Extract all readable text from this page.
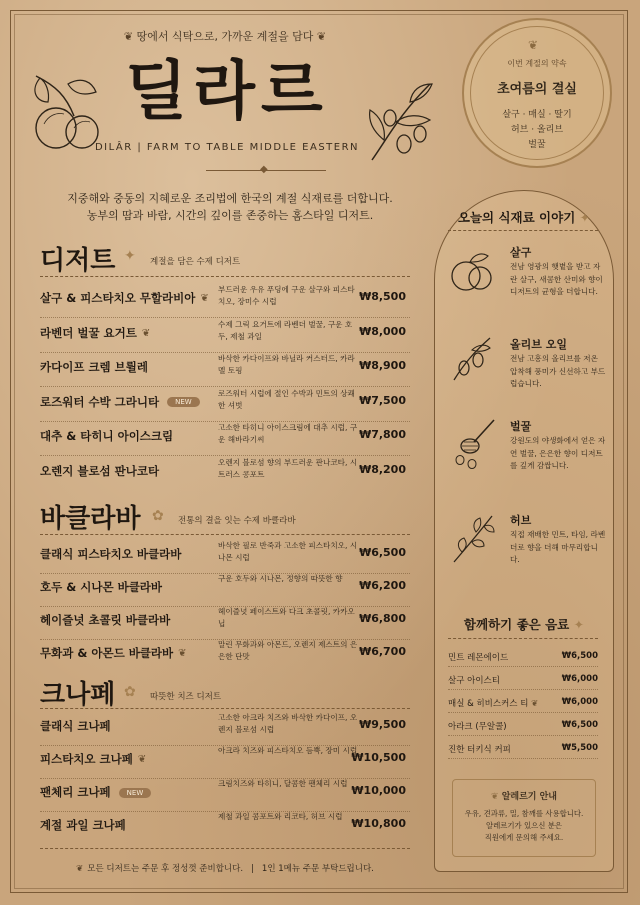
❦ 땅에서 식탁으로, 가까운 계절을 담다 ❦
딜라르
DILÂR | FARM TO TABLE MIDDLE EASTERN
◆
지중해와 중동의 지혜로운 조리법에 한국의 계절 식재료를 더합니다.
농부의 땀과 바람, 시간의 깊이를 존중하는 홈스타일 디저트.
❦
이번 계절의 약속
초여름의 결실
살구 · 매실 · 딸기
허브 · 올리브
벌꿀
디저트 ✦ 계절을 담은 수제 디저트
살구 & 피스타치오 무할라비아 ❦
부드러운 우유 푸딩에 구운 살구와 피스타치오, 장미수 시럽	₩8,500
라벤더 벌꿀 요거트 ❦
수제 그릭 요거트에 라벤더 벌꿀, 구운 호두, 제철 과일	₩8,000
카다이프 크렘 브륄레
바삭한 카다이프와 바닐라 커스터드, 카라멜 토핑	₩8,900
로즈워터 수박 그라니타 NEW
로즈워터 시럽에 절인 수박과 민트의 상쾌한 셔벗	₩7,500
대추 & 타히니 아이스크림
고소한 타히니 아이스크림에 대추 시럽, 구운 해바라기씨	₩7,800
오렌지 블로섬 판나코타
오렌지 블로섬 향의 부드러운 판나코타, 시트러스 콩포트	₩8,200
바클라바 ✿ 전통의 결을 잇는 수제 바클라바
클래식 피스타치오 바클라바
바삭한 필로 반죽과 고소한 피스타치오, 시나몬 시럽	₩6,500
호두 & 시나몬 바클라바
구운 호두와 시나몬, 정향의 따뜻한 향
₩6,200
헤이즐넛 초콜릿 바클라바
헤이즐넛 페이스트와 다크 초콜릿, 카카오닙	₩6,800
무화과 & 아몬드 바클라바 ❦
말린 무화과와 아몬드, 오렌지 제스트의 은은한 단맛	₩6,700
크나페 ✿ 따뜻한 치즈 디저트
클래식 크나페
고소한 아크라 치즈와 바삭한 카다이프, 오렌지 블로섬 시럽	₩9,500
피스타치오 크나페 ❦
아크라 치즈와 피스타치오 듬뿍, 장미 시럽
₩10,500
팬체리 크나페 NEW
크림치즈와 타히니, 달콤한 팬체리 시럽
₩10,000
계절 과일 크나페
제철 과일 콤포트와 리코타, 허브 시럽
₩10,800
❦ 모든 디저트는 주문 후 정성껏 준비합니다. | 1인 1메뉴 주문 부탁드립니다.
오늘의 식재료 이야기 ✦
살구
전남 영광의 햇볕을 받고 자란 살구, 새콤한 산미와 향이 디저트의 균형을 더합니다.
올리브 오일
전남 고흥의 올리브를 저온 압착해 풍미가 신선하고 부드럽습니다.
벌꿀
강원도의 야생화에서 얻은 자연 벌꿀, 은은한 향이 디저트를 깊게 감쌉니다.
허브
직접 재배한 민트, 타임, 라벤더로 향을 더해 마무리합니다.
함께하기 좋은 음료 ✦
민트 레몬에이드	₩6,500
살구 아이스티	₩6,000
매실 & 히비스커스 티 ❦	₩6,000
아라크 (무알콜)	₩6,500
진한 터키식 커피	₩5,500
❦ 알레르기 안내
우유, 견과류, 밀, 참깨를 사용합니다.
알레르기가 있으신 분은
직원에게 문의해 주세요.
